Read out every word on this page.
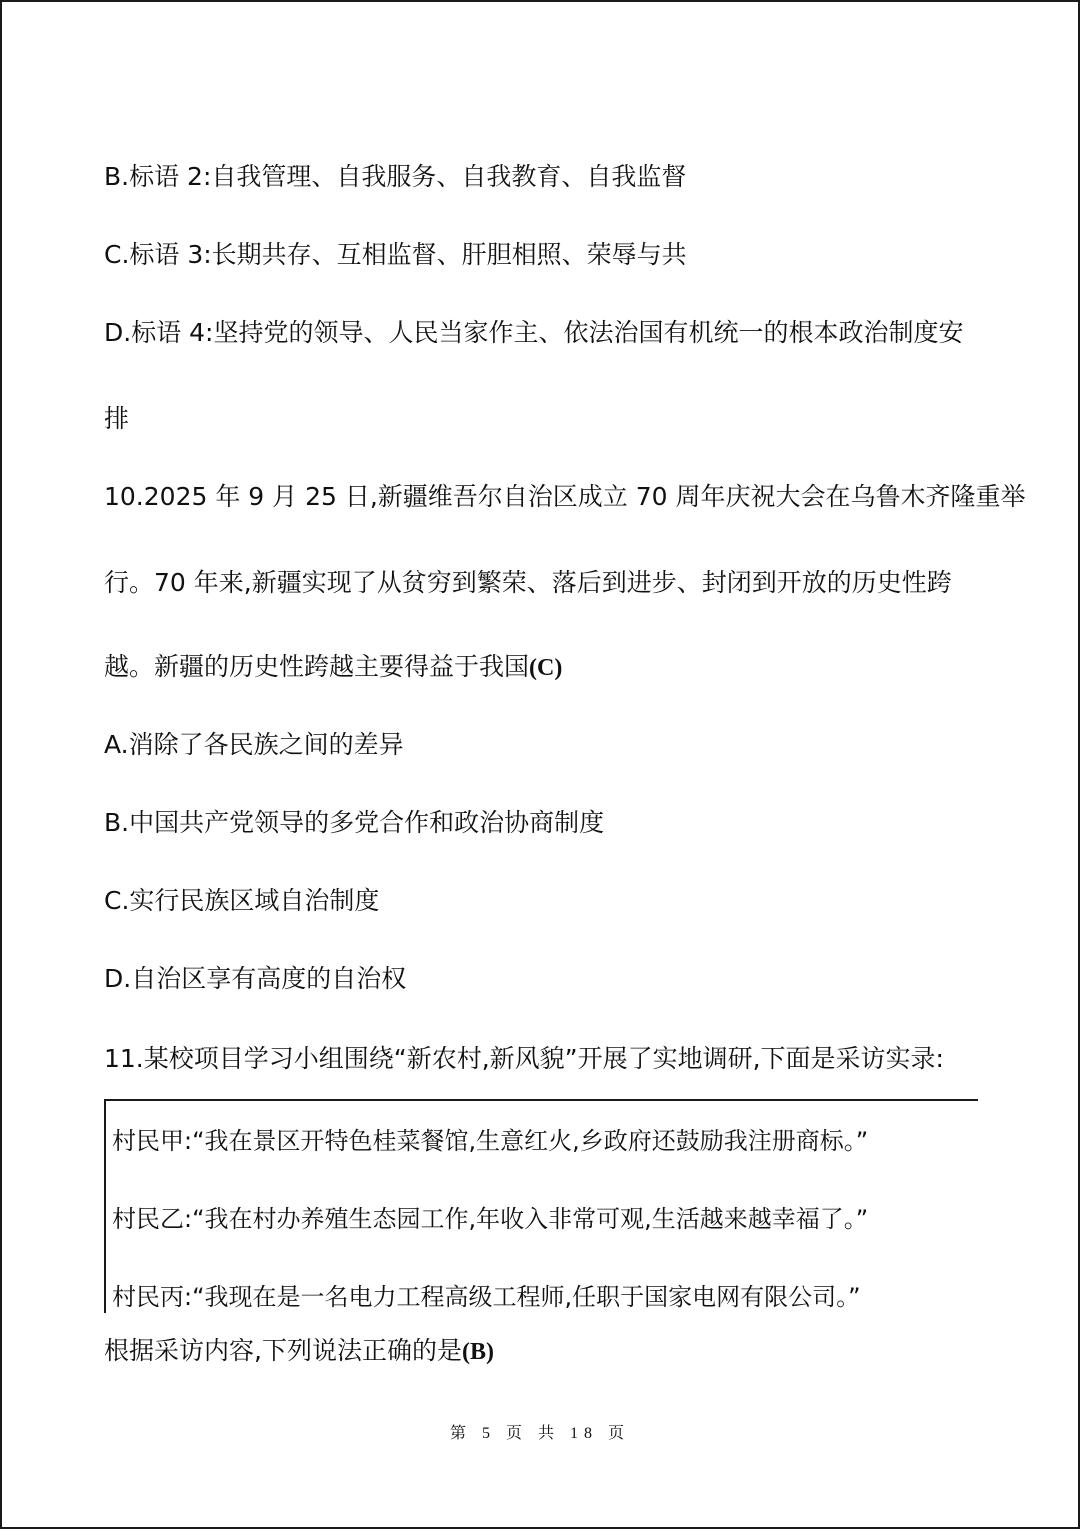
B.标语 2:自我管理、自我服务、自我教育、自我监督
C.标语 3:长期共存、互相监督、肝胆相照、荣辱与共
D.标语 4:坚持党的领导、人民当家作主、依法治国有机统一的根本政治制度安
排
10.2025 年 9 月 25 日,新疆维吾尔自治区成立 70 周年庆祝大会在乌鲁木齐隆重举
行。70 年来,新疆实现了从贫穷到繁荣、落后到进步、封闭到开放的历史性跨
越。新疆的历史性跨越主要得益于我国(C)
A.消除了各民族之间的差异
B.中国共产党领导的多党合作和政治协商制度
C.实行民族区域自治制度
D.自治区享有高度的自治权
11.某校项目学习小组围绕“新农村,新风貌”开展了实地调研,下面是采访实录:
村民甲:“我在景区开特色桂菜餐馆,生意红火,乡政府还鼓励我注册商标。”
村民乙:“我在村办养殖生态园工作,年收入非常可观,生活越来越幸福了。”
村民丙:“我现在是一名电力工程高级工程师,任职于国家电网有限公司。”
根据采访内容,下列说法正确的是(B)
第 5 页 共 18 页
